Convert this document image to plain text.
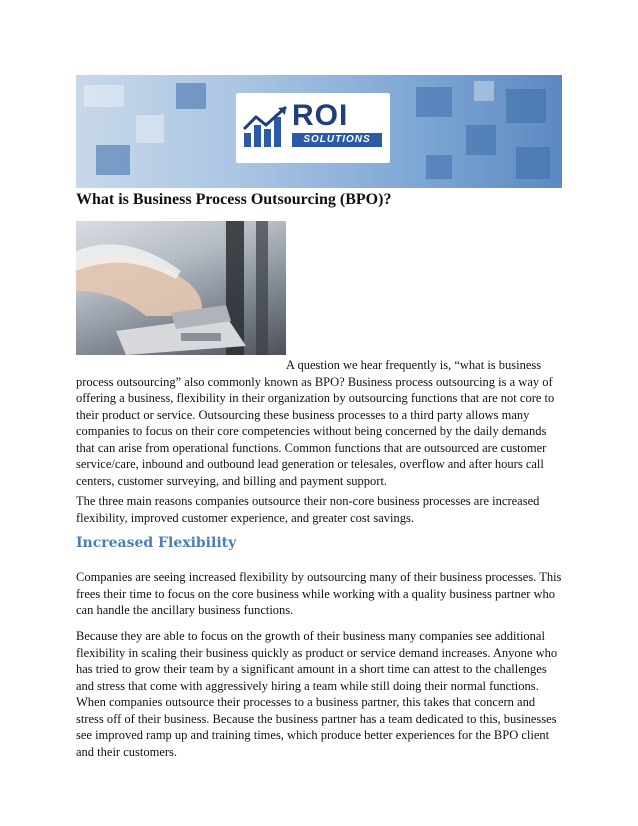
ROI
SOLUTIONS
What is Business Process Outsourcing (BPO)?

A question we hear frequently is, “what is business process outsourcing” also commonly known as BPO? Business process outsourcing is a way of offering a business, flexibility in their organization by outsourcing functions that are not core to their product or service. Outsourcing these business processes to a third party allows many companies to focus on their core competencies without being concerned by the daily demands that can arise from operational functions. Common functions that are outsourced are customer service/care, inbound and outbound lead generation or telesales, overflow and after hours call centers, customer surveying, and billing and payment support.

The three main reasons companies outsource their non-core business processes are increased flexibility, improved customer experience, and greater cost savings.

Increased Flexibility

Companies are seeing increased flexibility by outsourcing many of their business processes. This frees their time to focus on the core business while working with a quality business partner who can handle the ancillary business functions.

Because they are able to focus on the growth of their business many companies see additional flexibility in scaling their business quickly as product or service demand increases. Anyone who has tried to grow their team by a significant amount in a short time can attest to the challenges and stress that come with aggressively hiring a team while still doing their normal functions. When companies outsource their processes to a business partner, this takes that concern and stress off of their business. Because the business partner has a team dedicated to this, businesses see improved ramp up and training times, which produce better experiences for the BPO client and their customers.
